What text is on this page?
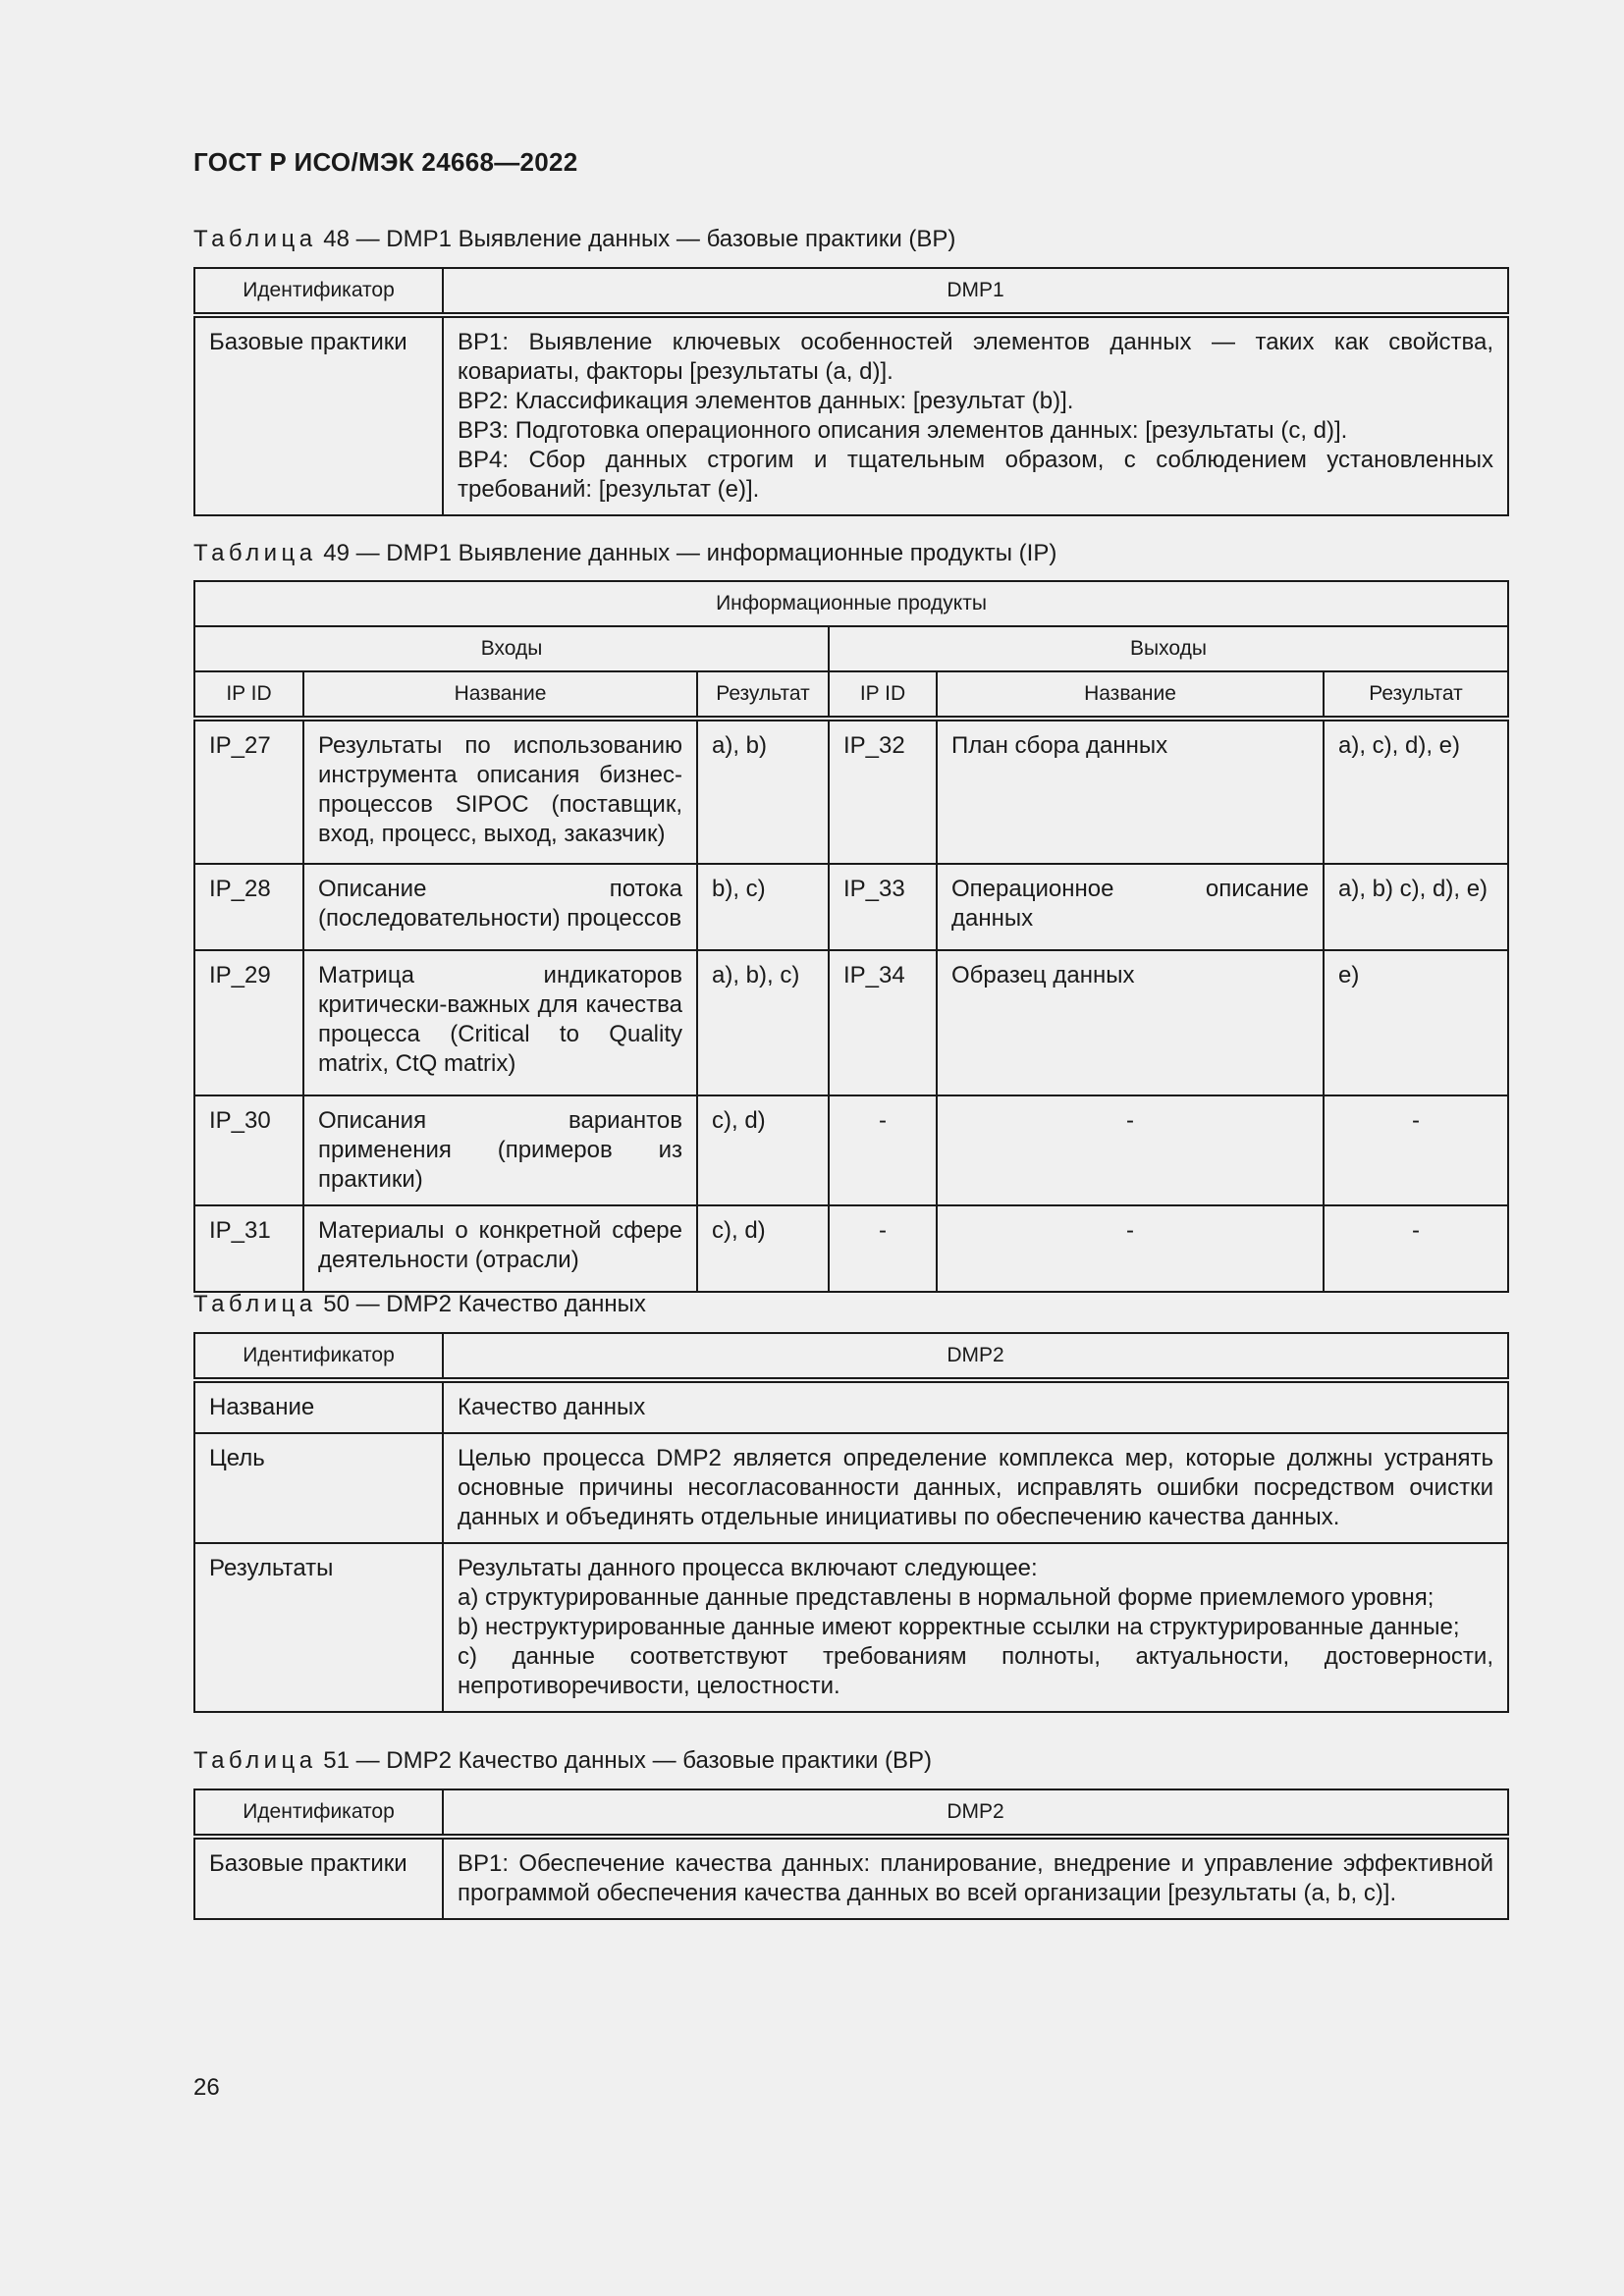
ГОСТ Р ИСО/МЭК 24668—2022
Таблица 48 — DMP1 Выявление данных — базовые практики (BP)
Идентификатор	DMP1
Базовые практики	BP1: Выявление ключевых особенностей элементов данных — таких как свойства, ковариаты, факторы [результаты (a, d)].
BP2: Классификация элементов данных: [результат (b)].
BP3: Подготовка операционного описания элементов данных: [результаты (c, d)].
BP4: Сбор данных строгим и тщательным образом, с соблюдением установленных требований: [результат (e)].
Таблица 49 — DMP1 Выявление данных — информационные продукты (IP)
Информационные продукты					
Входы			Выходы		
IP ID	Название	Результат	IP ID	Название	Результат
IP_27	Результаты по использованию инструмента описания бизнес-процессов SIPOC (поставщик, вход, процесс, выход, заказчик)	a), b)	IP_32	План сбора данных	a), c), d), e)
IP_28	Описание потока (последовательности) процессов	b), c)	IP_33	Операционное описание данных	a), b) c), d), e)
IP_29	Матрица индикаторов критически-важных для качества процесса (Critical to Quality matrix, CtQ matrix)	a), b), c)	IP_34	Образец данных	e)
IP_30	Описания вариантов применения (примеров из практики)	c), d)	-	-	-
IP_31	Материалы о конкретной сфере деятельности (отрасли)	c), d)	-	-	-
Таблица 50 — DMP2 Качество данных
Идентификатор	DMP2
Название	Качество данных
Цель	Целью процесса DMP2 является определение комплекса мер, которые должны устранять основные причины несогласованности данных, исправлять ошибки посредством очистки данных и объединять отдельные инициативы по обеспечению качества данных.
Результаты	Результаты данного процесса включают следующее:
a) структурированные данные представлены в нормальной форме приемлемого уровня;
b) неструктурированные данные имеют корректные ссылки на структурированные данные;
c) данные соответствуют требованиям полноты, актуальности, достоверности, непротиворечивости, целостности.
Таблица 51 — DMP2 Качество данных — базовые практики (BP)
Идентификатор	DMP2
Базовые практики	BP1: Обеспечение качества данных: планирование, внедрение и управление эффективной программой обеспечения качества данных во всей организации [результаты (a, b, c)].
26
